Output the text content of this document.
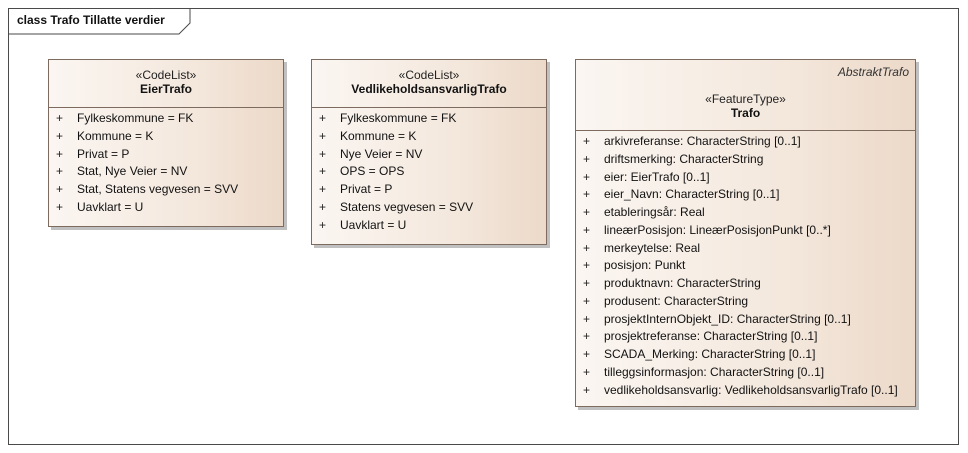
class Trafo Tillatte verdier
«CodeList»
EierTrafo
+ Fylkeskommune = FK
+ Kommune = K
+ Privat = P
+ Stat, Nye Veier = NV
+ Stat, Statens vegvesen = SVV
+ Uavklart = U
«CodeList»
VedlikeholdsansvarligTrafo
+ Fylkeskommune = FK
+ Kommune = K
+ Nye Veier = NV
+ OPS = OPS
+ Privat = P
+ Statens vegvesen = SVV
+ Uavklart = U
AbstraktTrafo
«FeatureType»
Trafo
+ arkivreferanse: CharacterString [0..1]
+ driftsmerking: CharacterString
+ eier: EierTrafo [0..1]
+ eier_Navn: CharacterString [0..1]
+ etableringsår: Real
+ lineærPosisjon: LineærPosisjonPunkt [0..*]
+ merkeytelse: Real
+ posisjon: Punkt
+ produktnavn: CharacterString
+ produsent: CharacterString
+ prosjektInternObjekt_ID: CharacterString [0..1]
+ prosjektreferanse: CharacterString [0..1]
+ SCADA_Merking: CharacterString [0..1]
+ tilleggsinformasjon: CharacterString [0..1]
+ vedlikeholdsansvarlig: VedlikeholdsansvarligTrafo [0..1]
